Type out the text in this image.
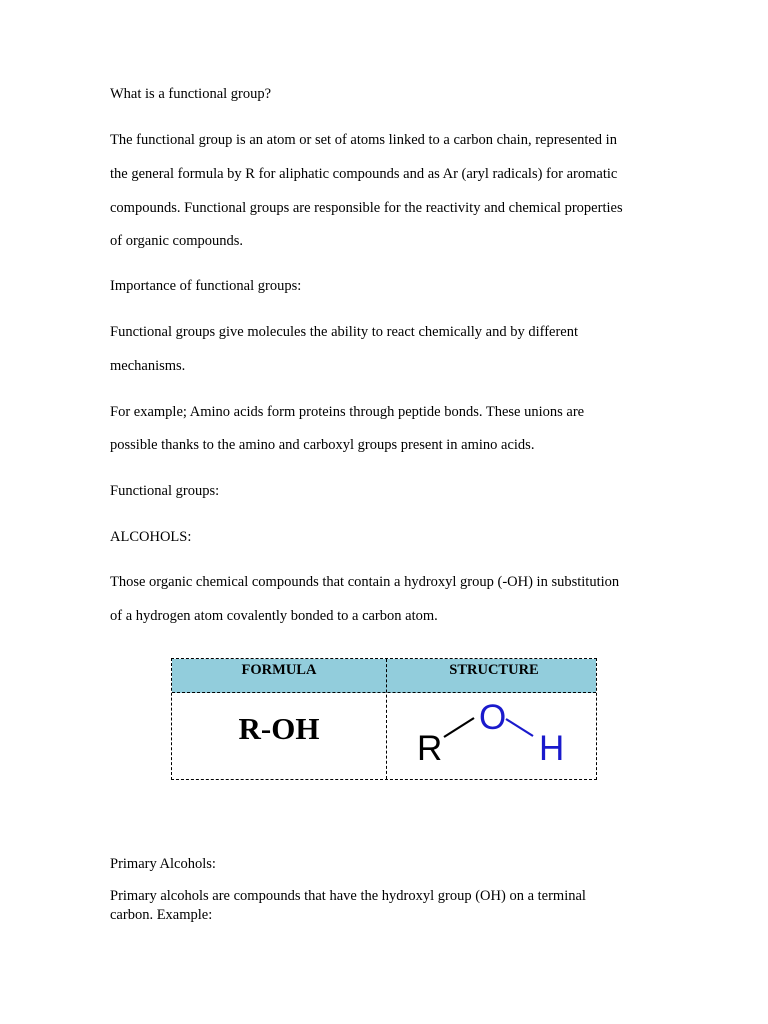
What is a functional group?

The functional group is an atom or set of atoms linked to a carbon chain, represented in

the general formula by R for aliphatic compounds and as Ar (aryl radicals) for aromatic

compounds. Functional groups are responsible for the reactivity and chemical properties

of organic compounds.

Importance of functional groups:

Functional groups give molecules the ability to react chemically and by different

mechanisms.

For example; Amino acids form proteins through peptide bonds. These unions are

possible thanks to the amino and carboxyl groups present in amino acids.

Functional groups:

ALCOHOLS:

Those organic chemical compounds that contain a hydroxyl group (-OH) in substitution

of a hydrogen atom covalently bonded to a carbon atom.

FORMULA	STRUCTURE
R-OH
R
O
H

Primary Alcohols:

Primary alcohols are compounds that have the hydroxyl group (OH) on a terminal

carbon. Example:
